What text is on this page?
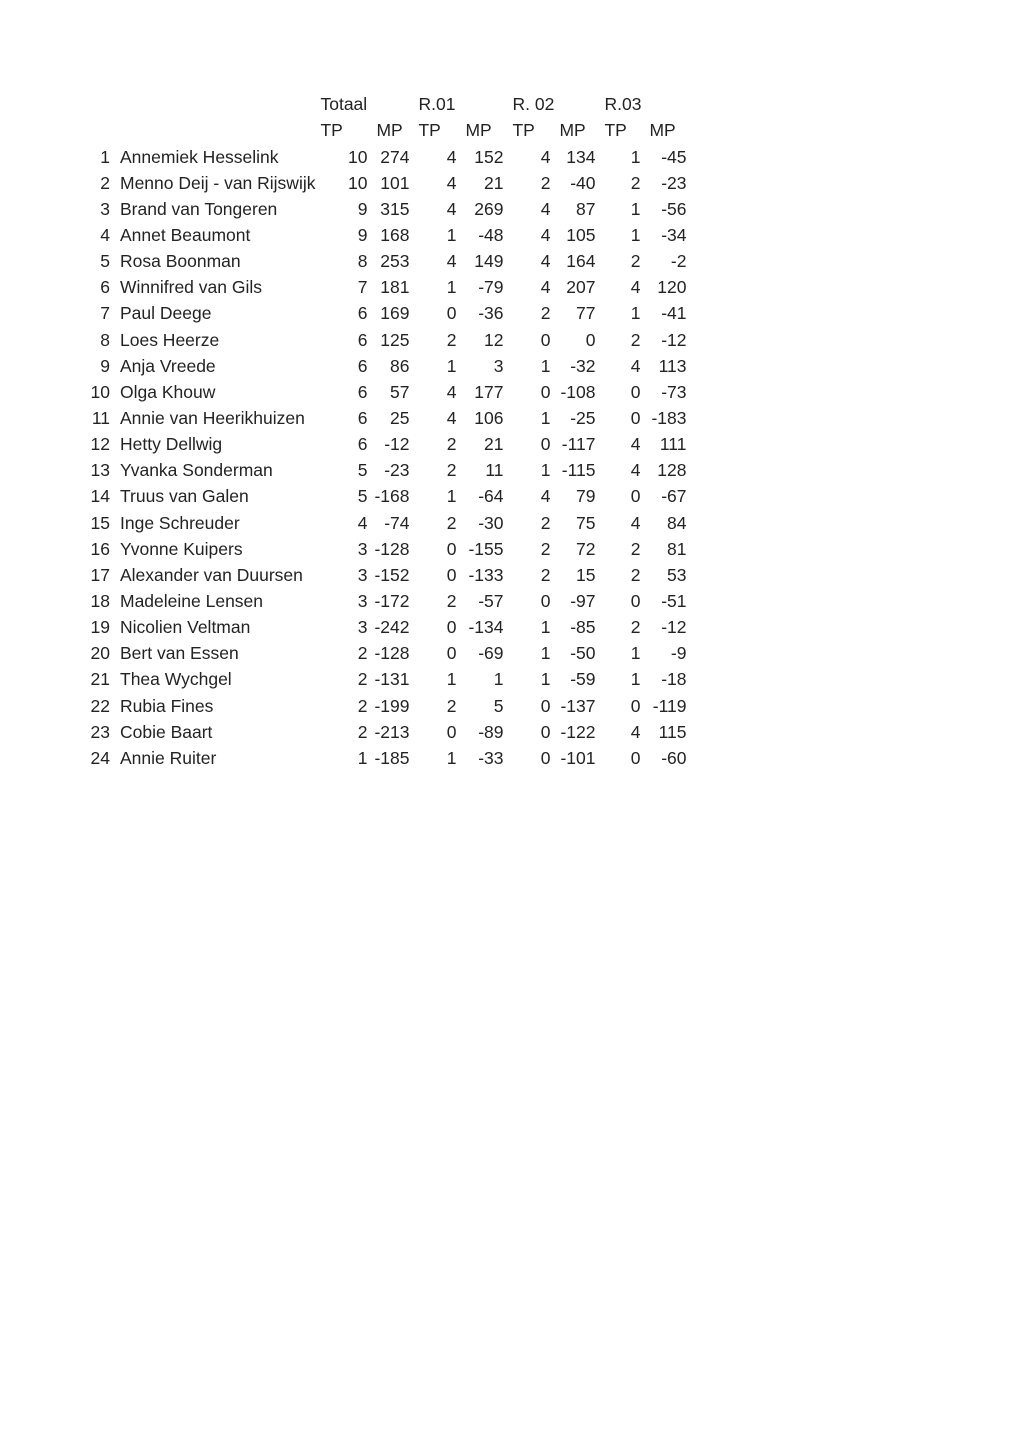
		Totaal		R.01		R. 02		R.03	
		TP	MP	TP	MP	TP	MP	TP	MP
1	Annemiek Hesselink	10	274	4	152	4	134	1	-45
2	Menno Deij - van Rijswijk	10	101	4	21	2	-40	2	-23
3	Brand van Tongeren	9	315	4	269	4	87	1	-56
4	Annet Beaumont	9	168	1	-48	4	105	1	-34
5	Rosa Boonman	8	253	4	149	4	164	2	-2
6	Winnifred van Gils	7	181	1	-79	4	207	4	120
7	Paul Deege	6	169	0	-36	2	77	1	-41
8	Loes Heerze	6	125	2	12	0	0	2	-12
9	Anja Vreede	6	86	1	3	1	-32	4	113
10	Olga Khouw	6	57	4	177	0	-108	0	-73
11	Annie van Heerikhuizen	6	25	4	106	1	-25	0	-183
12	Hetty Dellwig	6	-12	2	21	0	-117	4	111
13	Yvanka Sonderman	5	-23	2	11	1	-115	4	128
14	Truus van Galen	5	-168	1	-64	4	79	0	-67
15	Inge Schreuder	4	-74	2	-30	2	75	4	84
16	Yvonne Kuipers	3	-128	0	-155	2	72	2	81
17	Alexander van Duursen	3	-152	0	-133	2	15	2	53
18	Madeleine Lensen	3	-172	2	-57	0	-97	0	-51
19	Nicolien Veltman	3	-242	0	-134	1	-85	2	-12
20	Bert van Essen	2	-128	0	-69	1	-50	1	-9
21	Thea Wychgel	2	-131	1	1	1	-59	1	-18
22	Rubia Fines	2	-199	2	5	0	-137	0	-119
23	Cobie Baart	2	-213	0	-89	0	-122	4	115
24	Annie Ruiter	1	-185	1	-33	0	-101	0	-60
